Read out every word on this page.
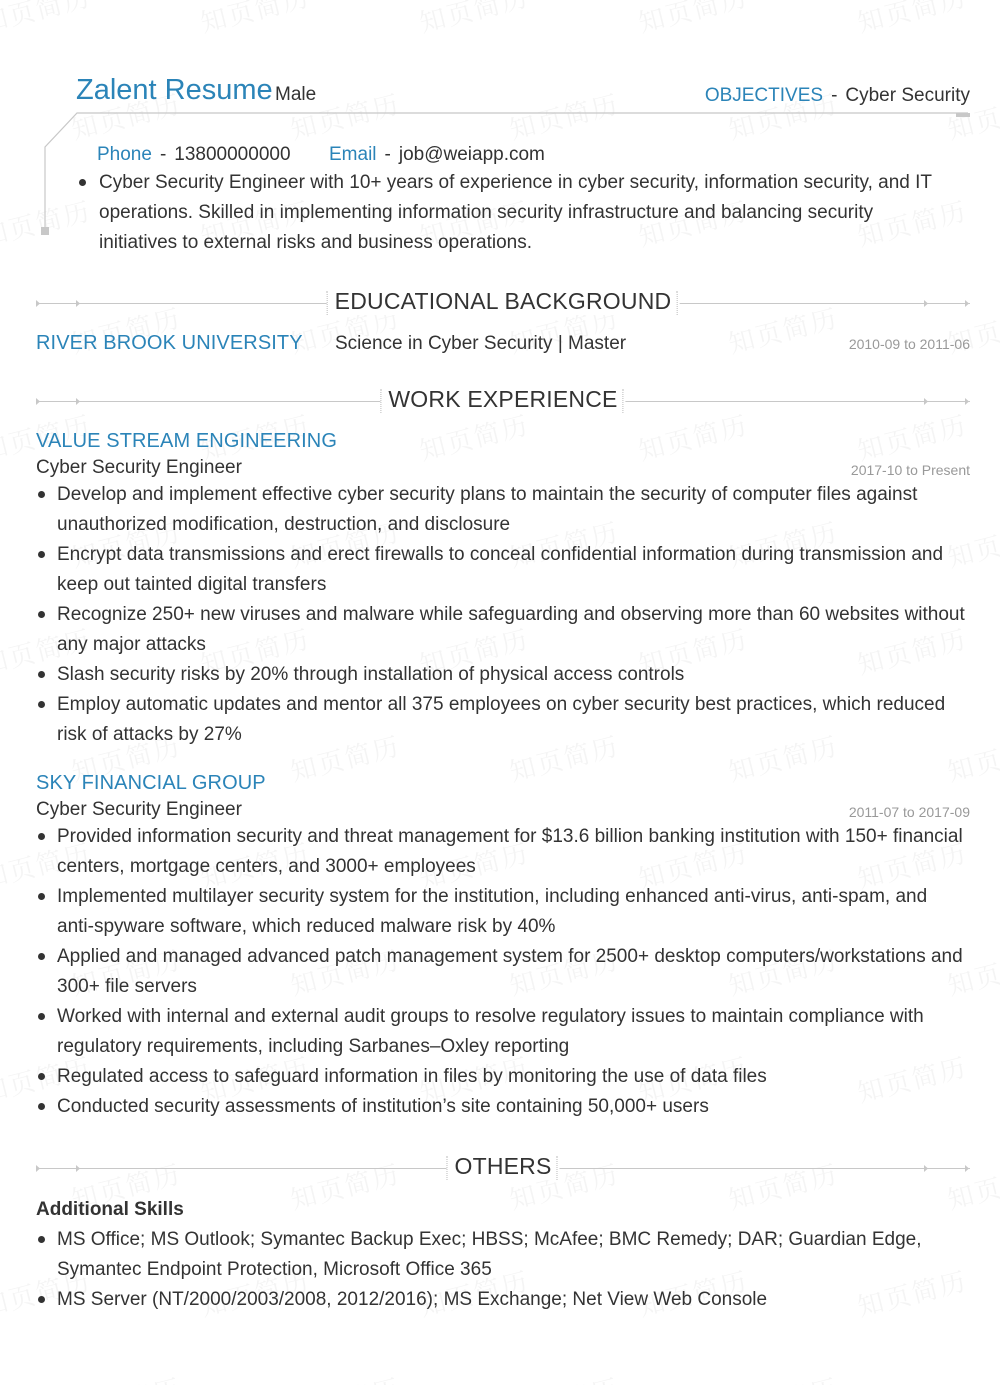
Zalent Resume Male	OBJECTIVES - Cyber Security
Phone - 13800000000 Email - job@weiapp.com
Cyber Security Engineer with 10+ years of experience in cyber security, information security, and IT operations. Skilled in implementing information security infrastructure and balancing security initiatives to external risks and business operations.
EDUCATIONAL BACKGROUND
RIVER BROOK UNIVERSITY Science in Cyber Security | Master	2010-09 to 2011-06
WORK EXPERIENCE
VALUE STREAM ENGINEERING
Cyber Security Engineer	2017-10 to Present
Develop and implement effective cyber security plans to maintain the security of computer files against unauthorized modification, destruction, and disclosure
Encrypt data transmissions and erect firewalls to conceal confidential information during transmission and keep out tainted digital transfers
Recognize 250+ new viruses and malware while safeguarding and observing more than 60 websites without any major attacks
Slash security risks by 20% through installation of physical access controls
Employ automatic updates and mentor all 375 employees on cyber security best practices, which reduced risk of attacks by 27%
SKY FINANCIAL GROUP
Cyber Security Engineer	2011-07 to 2017-09
Provided information security and threat management for $13.6 billion banking institution with 150+ financial centers, mortgage centers, and 3000+ employees
Implemented multilayer security system for the institution, including enhanced anti-virus, anti-spam, and anti-spyware software, which reduced malware risk by 40%
Applied and managed advanced patch management system for 2500+ desktop computers/workstations and 300+ file servers
Worked with internal and external audit groups to resolve regulatory issues to maintain compliance with regulatory requirements, including Sarbanes–Oxley reporting
Regulated access to safeguard information in files by monitoring the use of data files
Conducted security assessments of institution’s site containing 50,000+ users
OTHERS
Additional Skills
MS Office; MS Outlook; Symantec Backup Exec; HBSS; McAfee; BMC Remedy; DAR; Guardian Edge, Symantec Endpoint Protection, Microsoft Office 365
MS Server (NT/2000/2003/2008, 2012/2016); MS Exchange; Net View Web Console
